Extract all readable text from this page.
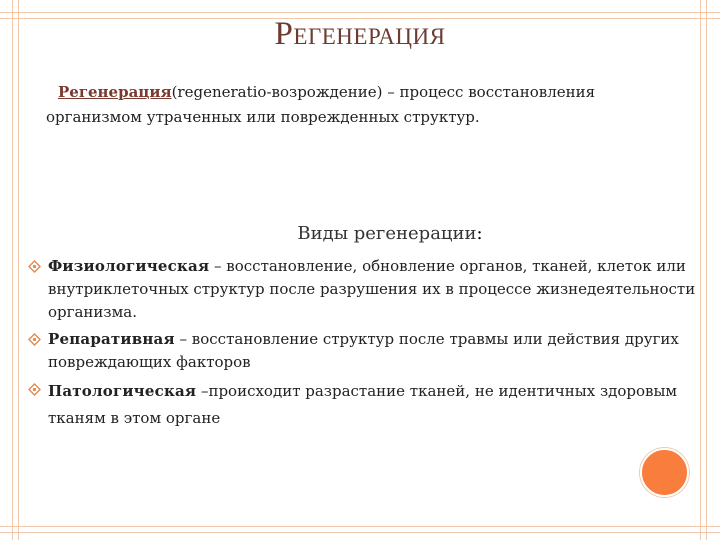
РЕГЕНЕРАЦИЯ
Регенерация(regeneratio-возрождение) – процесс восстановления организмом утраченных или поврежденных структур.
Виды регенерации:
Физиологическая – восстановление, обновление органов, тканей, клеток или внутриклеточных структур после разрушения их в процессе жизнедеятельности организма.
Репаративная – восстановление структур после травмы или действия других повреждающих факторов
Патологическая –происходит разрастание тканей, не идентичных здоровым тканям в этом органе
